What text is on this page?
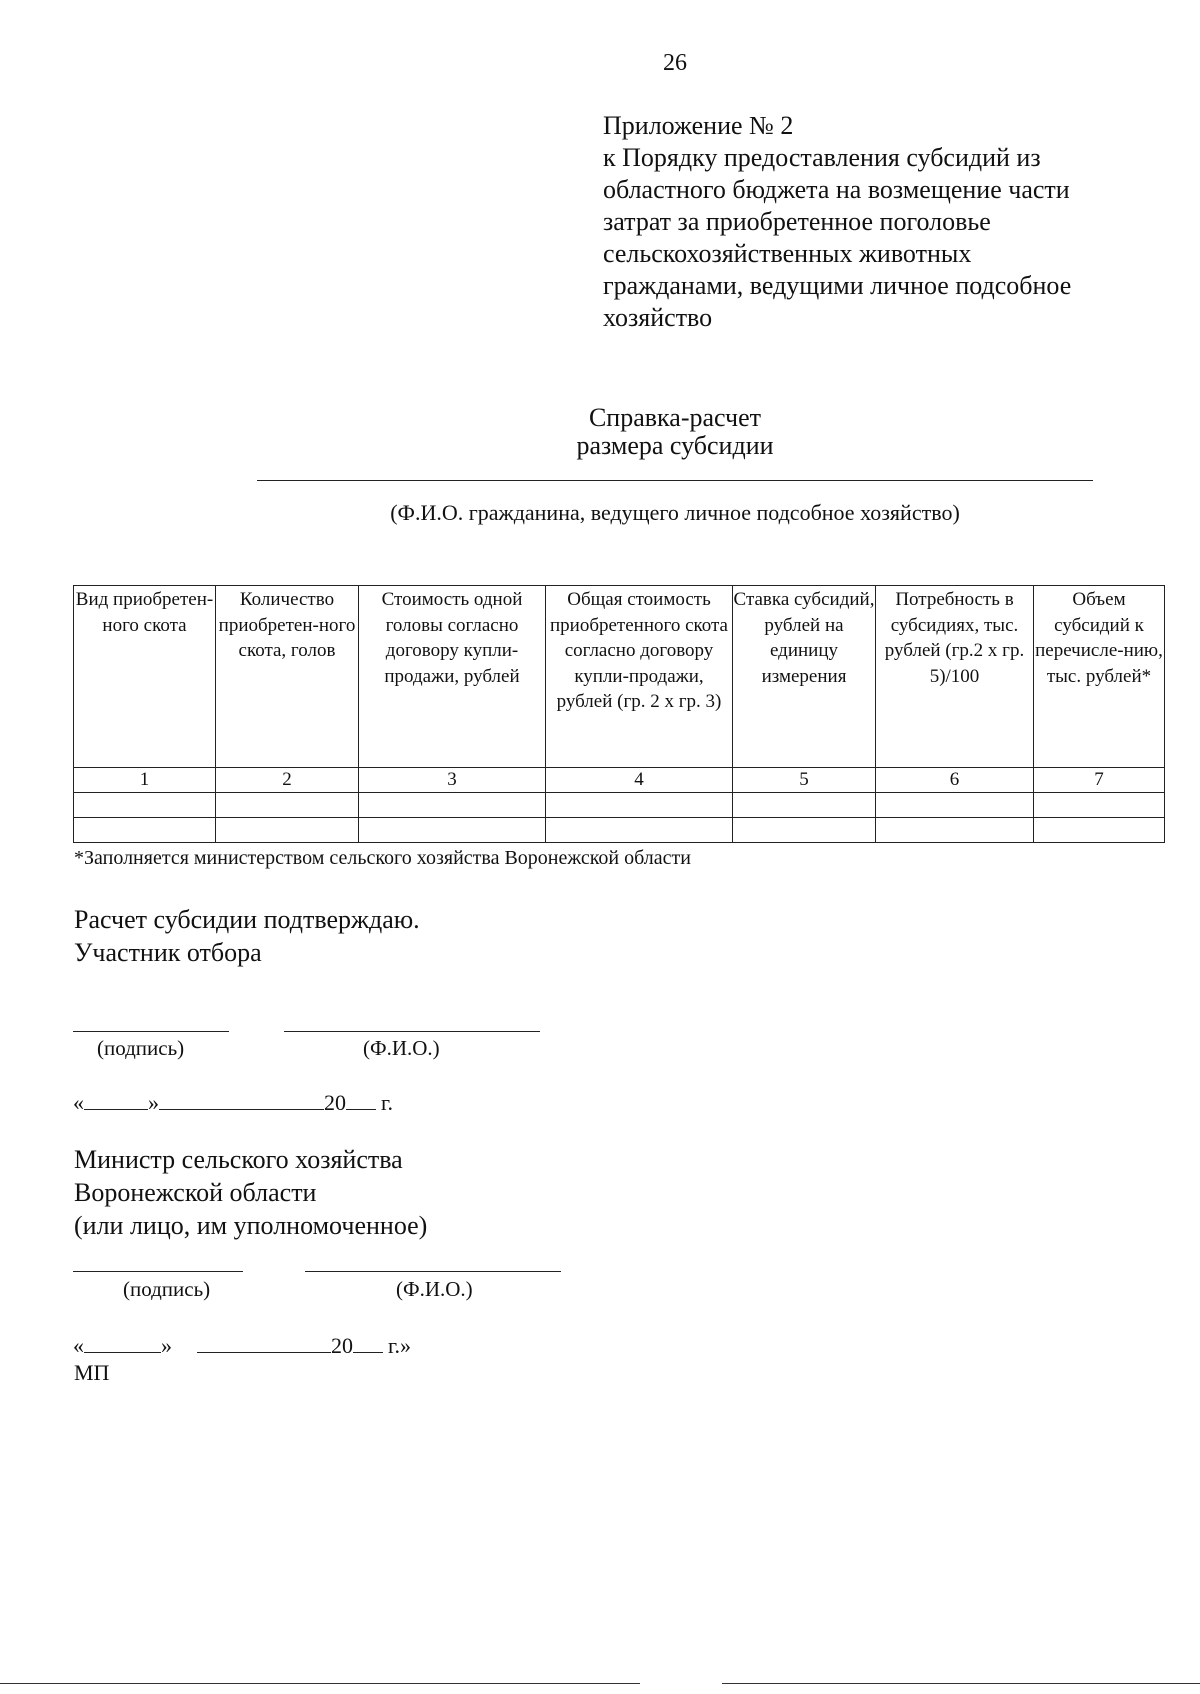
26
Приложение № 2
к Порядку предоставления субсидий из
областного бюджета на возмещение части
затрат за приобретенное поголовье
сельскохозяйственных животных
гражданами, ведущими личное подсобное
хозяйство
Справка-расчет
размера субсидии
(Ф.И.О. гражданина, ведущего личное подсобное хозяйство)
Вид приобретен-ного скота	Количество приобретен-ного скота, голов	Стоимость одной головы согласно договору купли-продажи, рублей	Общая стоимость приобретенного скота согласно договору купли-продажи, рублей (гр. 2 х гр. 3)	Ставка субсидий, рублей на единицу измерения	Потребность в субсидиях, тыс. рублей (гр.2 х гр. 5)/100	Объем субсидий к перечисле-нию, тыс. рублей*
1	2	3	4	5	6	7

*Заполняется министерством сельского хозяйства Воронежской области
Расчет субсидии подтверждаю.
Участник отбора
(подпись)	(Ф.И.О.)
«	»	20 г.
Министр сельского хозяйства
Воронежской области
(или лицо, им уполномоченное)
(подпись)	(Ф.И.О.)
«	»	20 г.»
МП
